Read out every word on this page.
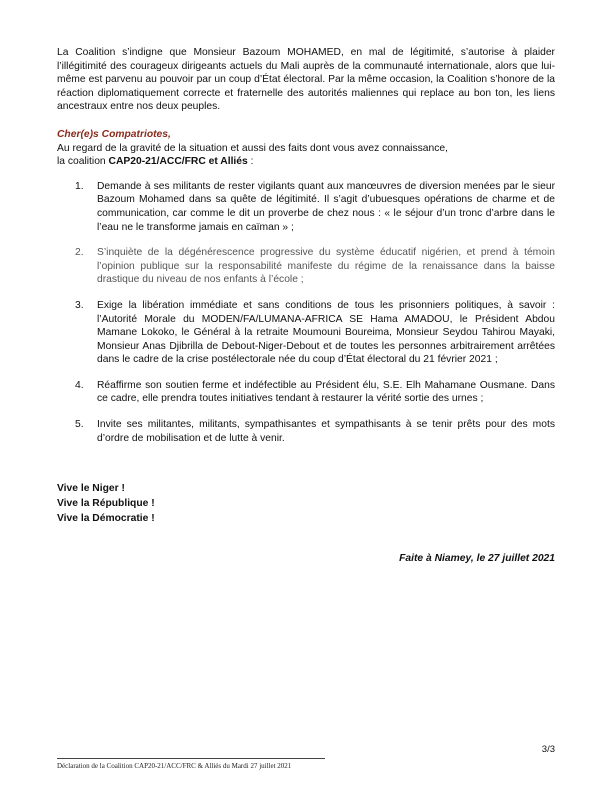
La Coalition s’indigne que Monsieur Bazoum MOHAMED, en mal de légitimité, s’autorise à plaider l’illégitimité des courageux dirigeants actuels du Mali auprès de la communauté internationale, alors que lui-même est parvenu au pouvoir par un coup d’État électoral. Par la même occasion, la Coalition s’honore de la réaction diplomatiquement correcte et fraternelle des autorités maliennes qui replace au bon ton, les liens ancestraux entre nos deux peuples.

Cher(e)s Compatriotes,

Au regard de la gravité de la situation et aussi des faits dont vous avez connaissance,

la coalition CAP20-21/ACC/FRC et Alliés :

1. Demande à ses militants de rester vigilants quant aux manœuvres de diversion menées par le sieur Bazoum Mohamed dans sa quête de légitimité. Il s’agit d’ubuesques opérations de charme et de communication, car comme le dit un proverbe de chez nous : « le séjour d’un tronc d’arbre dans le l’eau ne le transforme jamais en caïman » ;
2. S’inquiète de la dégénérescence progressive du système éducatif nigérien, et prend à témoin l’opinion publique sur la responsabilité manifeste du régime de la renaissance dans la baisse drastique du niveau de nos enfants à l’école ;
3. Exige la libération immédiate et sans conditions de tous les prisonniers politiques, à savoir : l’Autorité Morale du MODEN/FA/LUMANA-AFRICA SE Hama AMADOU, le Président Abdou Mamane Lokoko, le Général à la retraite Moumouni Boureima, Monsieur Seydou Tahirou Mayaki, Monsieur Anas Djibrilla de Debout-Niger-Debout et de toutes les personnes arbitrairement arrêtées dans le cadre de la crise postélectorale née du coup d’État électoral du 21 février 2021 ;
4. Réaffirme son soutien ferme et indéfectible au Président élu, S.E. Elh Mahamane Ousmane. Dans ce cadre, elle prendra toutes initiatives tendant à restaurer la vérité sortie des urnes ;
5. Invite ses militantes, militants, sympathisantes et sympathisants à se tenir prêts pour des mots d’ordre de mobilisation et de lutte à venir.
Vive le Niger !
Vive la République !
Vive la Démocratie !
Faite à Niamey, le 27 juillet 2021
3/3
Déclaration de la Coalition CAP20-21/ACC/FRC & Alliés du Mardi 27 juillet 2021
